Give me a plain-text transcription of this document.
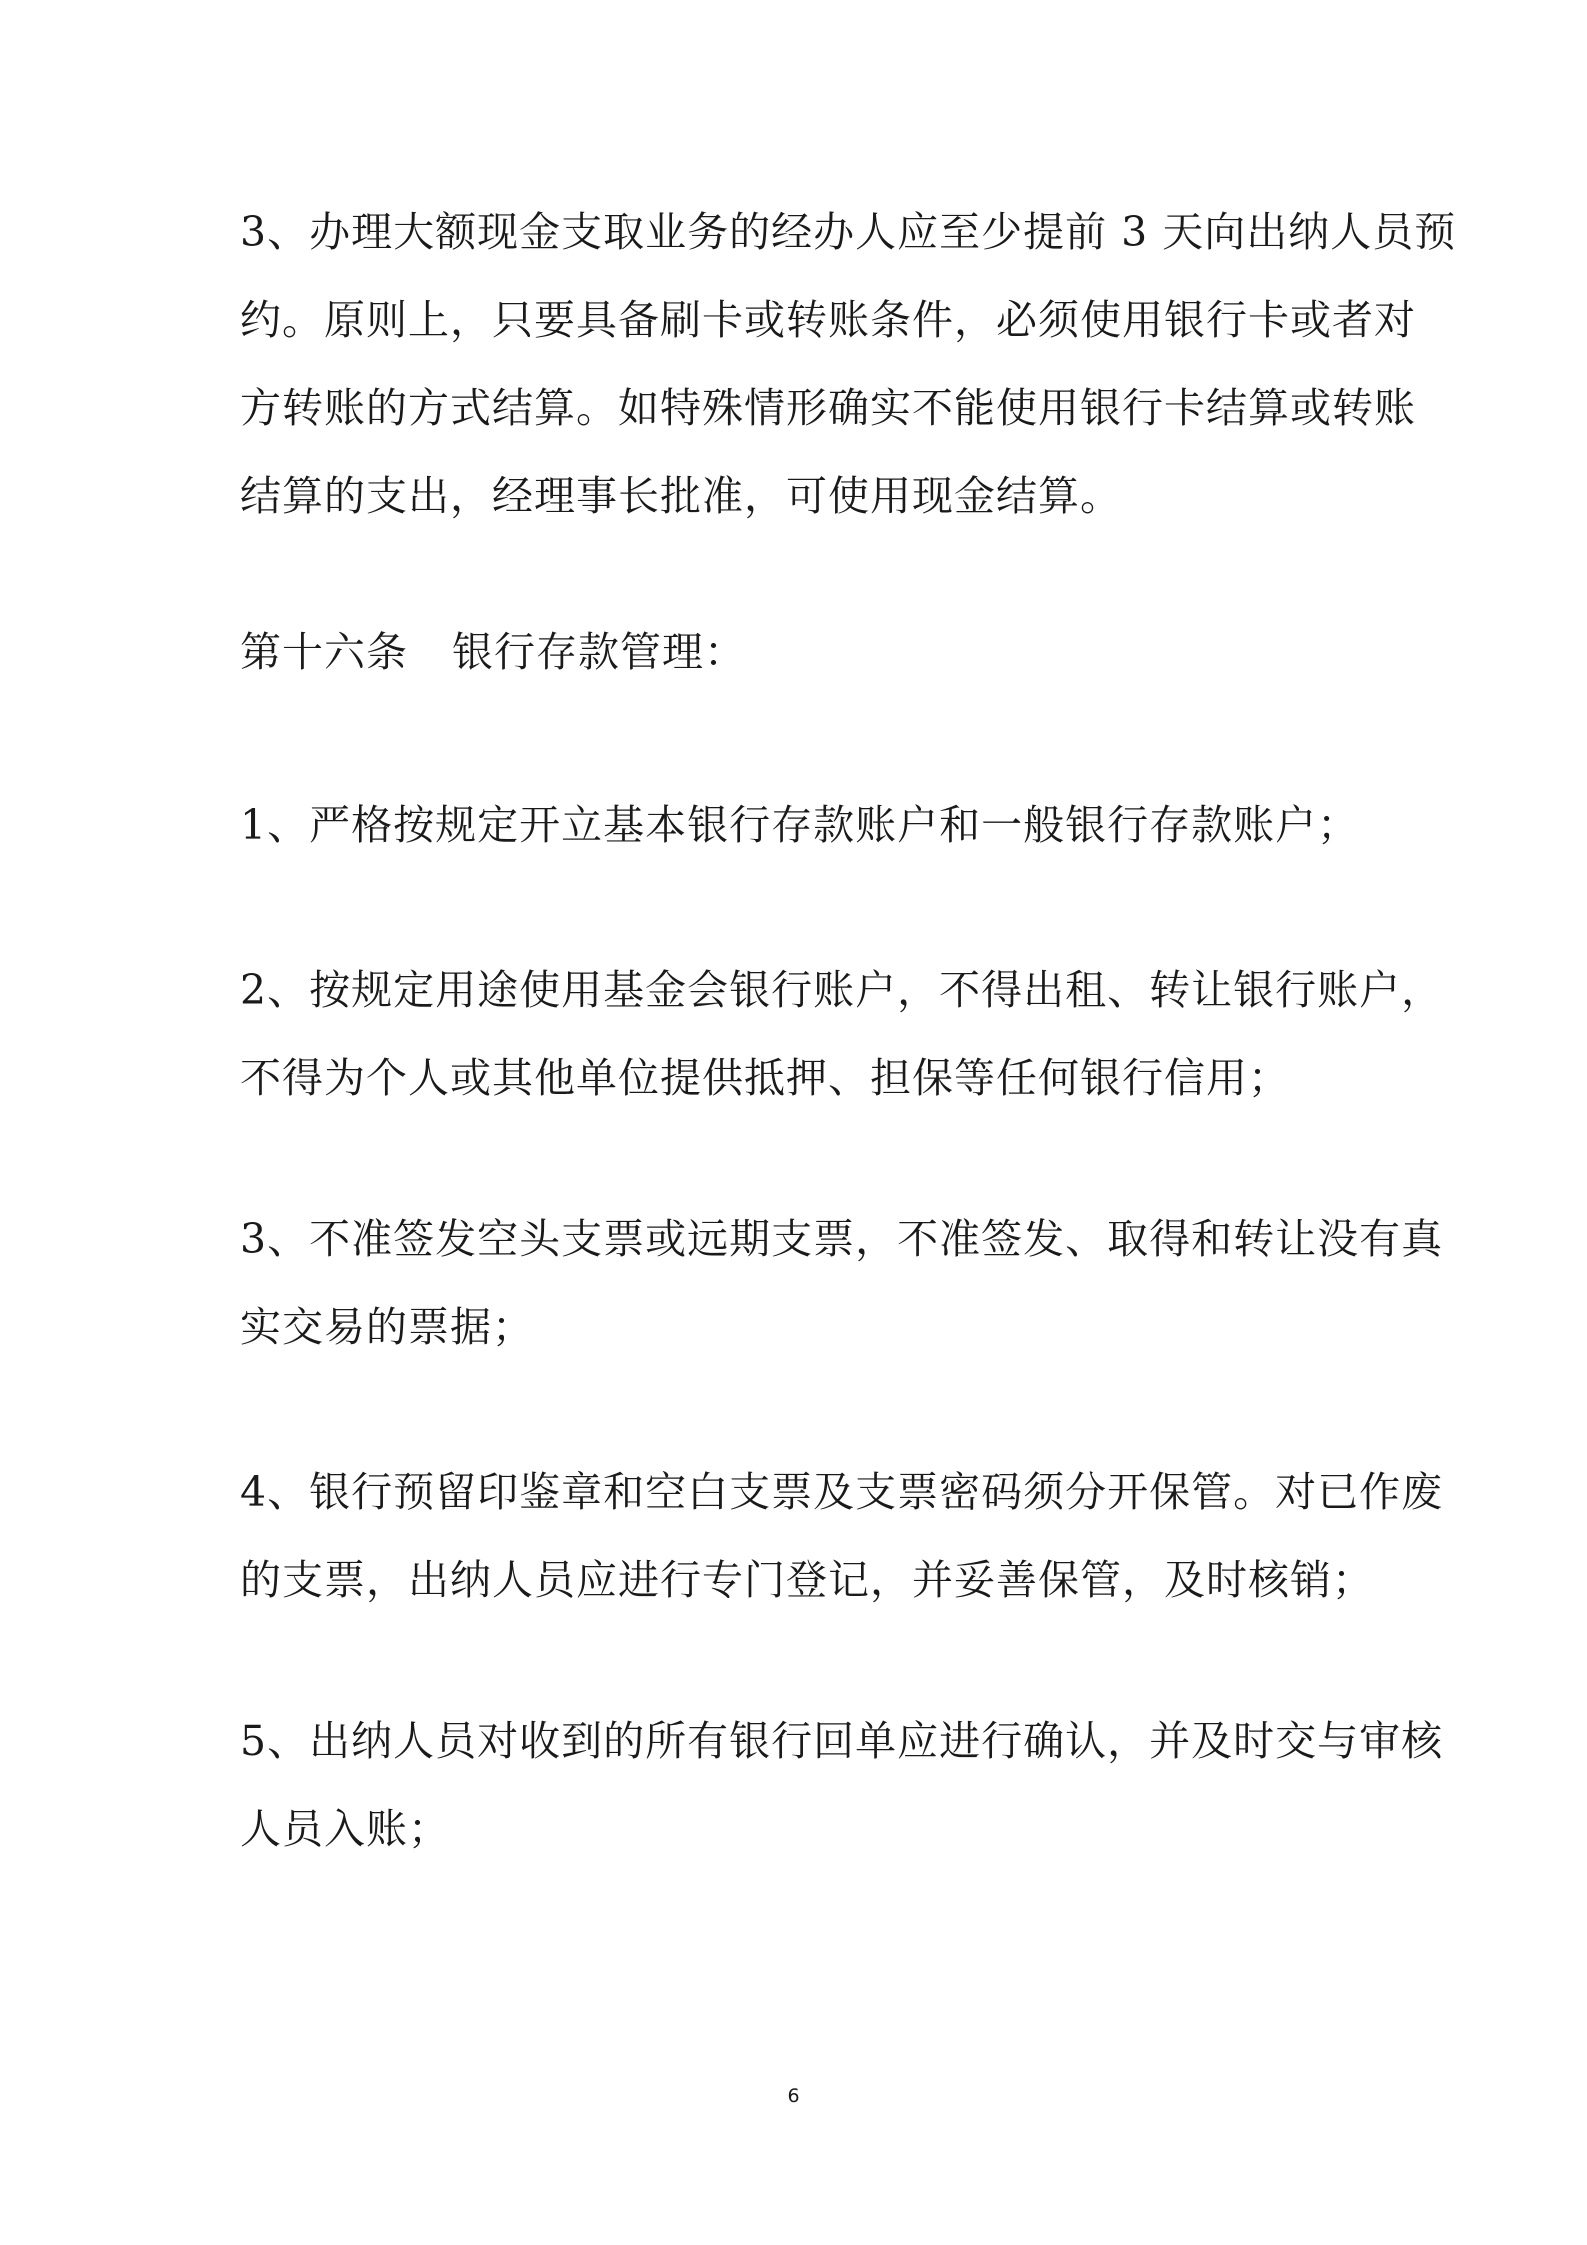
3、办理大额现金支取业务的经办人应至少提前 3 天向出纳人员预
约。原则上，只要具备刷卡或转账条件，必须使用银行卡或者对
方转账的方式结算。如特殊情形确实不能使用银行卡结算或转账
结算的支出，经理事长批准，可使用现金结算。
第十六条 银行存款管理：
1、严格按规定开立基本银行存款账户和一般银行存款账户；
2、按规定用途使用基金会银行账户，不得出租、转让银行账户，
不得为个人或其他单位提供抵押、担保等任何银行信用；
3、不准签发空头支票或远期支票，不准签发、取得和转让没有真
实交易的票据；
4、银行预留印鉴章和空白支票及支票密码须分开保管。对已作废
的支票，出纳人员应进行专门登记，并妥善保管，及时核销；
5、出纳人员对收到的所有银行回单应进行确认，并及时交与审核
人员入账；
6
